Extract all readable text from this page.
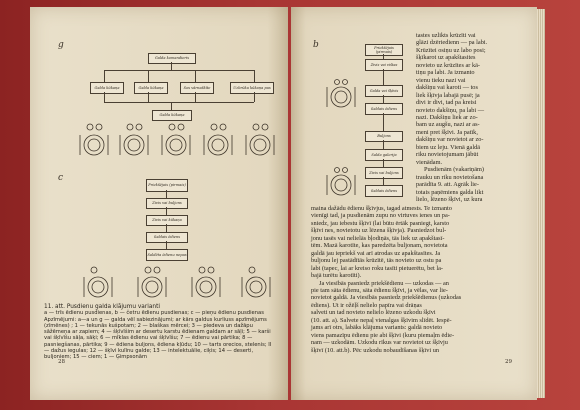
g
Galda komandieris
Galda kūkaņa	Galda kūkaņa	Sos vārnaškīte	Uzbrūka kūkaņa pas
Galda kūkaņa
c
Priekšējais (pirmais)
Zivis vai buljons
Zivis vai kūkaņa
Saldais ēdiens
Saldēta ēdienu nepas
11. att. Pusdienu galda klājumu varianti
a — trīs ēdienu pusdienas, b — četru ēdienu pusdienas; c — pieņu ēdienu pusdienas
Apzīmējumi: a—a un g — galda vēl sabiezinājumi; ar kārs galdus kurliuss apzīmējums (zīmēnes) ; 1 — tekunās kušpotam; 2 — blaškas mērcei; 3 — piedeva un dažāpu sāžēmeņa ar zapiem; 4 — šķīvīšim ar desertu karstu ēdienam galdam ar sāļi; 5 — karši vai šķīvīšu sāļa, sāķi; 6 — mīklas ēdienu vai šķīvīšu; 7 — ēdienu vai pārtika; 8 — pasniegšanas, pārtika; 9 — ēdiena buljons, ēdiena kļūdu; 10 — tarts orecios, stelenis; II — dažus iegulas; 12 — šķīvi kulīnu galde; 13 — intelektuālie, ciķis; 14 — deserti,
buljoniem; 15 — ciem; 1 — Ģimpsonām
28
b	Priekšējais (pirmais)
Zivis vai vištas
Galda vai šķīvis
Saldais ēdiens
Buljons
Salda galerija
Zivis vai buljons
Saldais ēdiens

tastes uzlikts krūzīti vai

glāzi dzēriedienn — pa labi.

Krūzītei osiņu uz labo posi;

šķīkarot uz apakštasites

novieto uz krūzītes ar kā-

tiņu pa labi. Ja izmanto

vienu tieku nazi vai

dakšiņu vai karoti — tos

liek šķīvja labajā pusē; ja

divi ir divi, tad pa kreisi

novieto dakšiņu, pa labi —

nazi. Dakšiņu liek ar zo-

bam uz augšu, nazi ar as-

meni pret šķīvi. Ja patīk,

dakšiņu var novietot ar zo-

biem uz leju. Vienā galdā

riku novietojumam jābūt

vienādam.

Pusdienām (vakariņām)

trauku un riku novietošana

parādīta 9. att. Agrāk lie-

totais paņēmiens galda likt

lielo, lēzeno šķīvi, uz kura

maina dažādu ēdienu šķīvjus, tagad atmests. Te izmanto

vienīgi tad, ja pusdienām zupu no virtuves ienes un pa-

sniedz, jau iebestu šķīvī (lai būtu ērtāk pasniegt, karsto

šķīvi nes, novietotu uz lēzena šķīvja). Pasniedzot bul-

jonu tasēs vai nelielās bļodiņās, tās liek uz apakštasī-

tēm. Mazā karotīte, kas paredzēta buljonam, novietota

galdā jau iepriekš vai arī atrodas uz apakštasītes. Ja

buljonu lej pastādītās krūzītē, tās novieto uz ostu pa

labi (tapec, lai ar kreiso roku tasīti pietuerētu, bet la-

bajā turētu karotīti).

Ja viesībās pasniedz priekšēdienu — uzkodas — an

pie tam sāta ēdienu, sāta ēdienu šķīvi, ja vēlas, var lie-

novietot galdā. Ja viesībās pasniedz priekšēdienus (uzkodas

ēdiens). Ut ir ožēļš nelielo papīra vai drāņas

salveti un tad novieto nelielo lēzeno uzkodu šķīvi

(10. att. a). Salvete nepaļ vienalgas šķīvim slīdēt. Iespē-

jams arī otrs, labāks klājuma variants: galdā novieto

viens pamazīpu ēdienu pie abi šķīvi (kuru piemaļm ēdie-

nam — uzkodām. Uzkodu rīkus var novietot uz šķīvju

šķīvī (10. att.b). Pēc uzkodu nobaudīšanas šķīvi un

29
